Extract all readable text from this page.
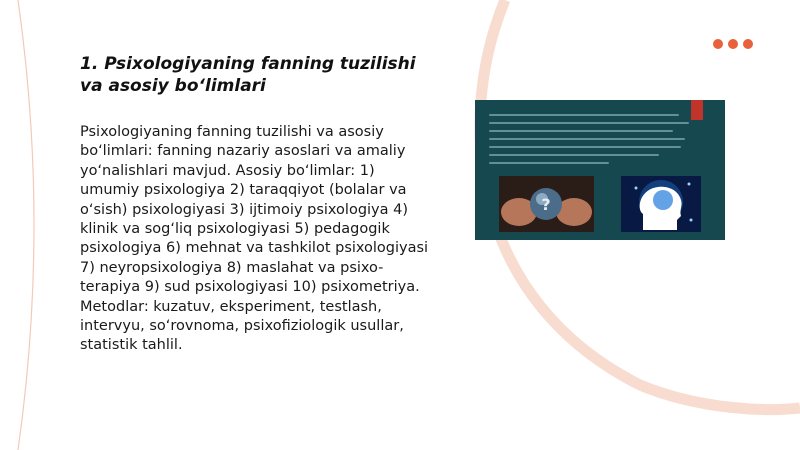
1. Psixologiyaning fanning tuzilishi va asosiy bo‘limlari

Psixologiyaning fanning tuzilishi va asosiy bo‘limlari: fanning nazariy asoslari va amaliy yo‘nalishlari mavjud. Asosiy bo‘limlar: 1) umumiy psixologiya 2) taraqqiyot (bolalar va o‘sish) psixologiyasi 3) ijtimoiy psixologiya 4) klinik va sog‘liq psixologiyasi 5) pedagogik psixologiya 6) mehnat va tashkilot psixologiyasi 7) neyropsixologiya 8) maslahat va psixo-terapiya 9) sud psixologiyasi 10) psixometriya. Metodlar: kuzatuv, eksperiment, testlash, intervyu, so‘rovnoma, psixofiziologik usullar, statistik tahlil.

?
